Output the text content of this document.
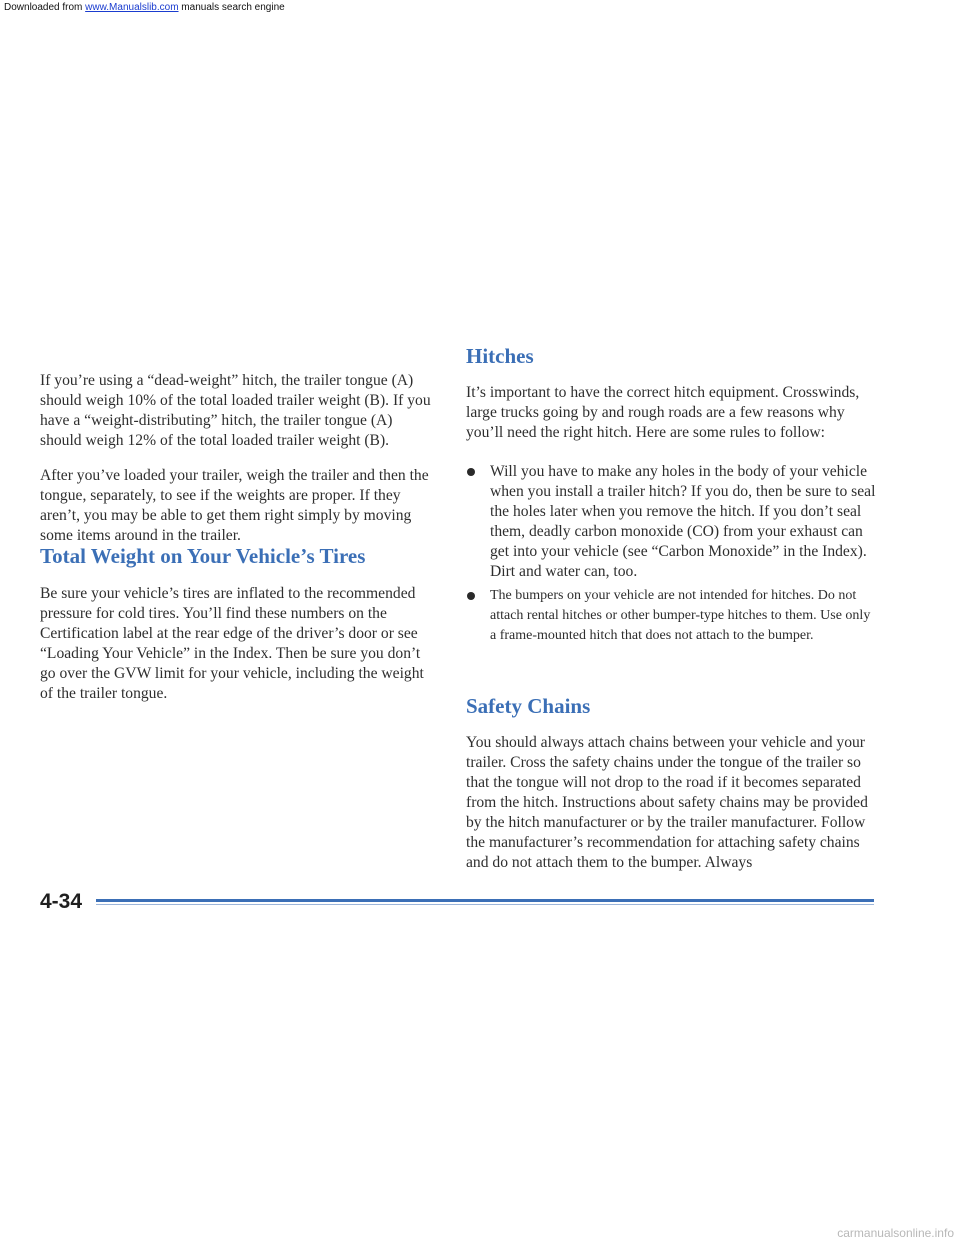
Downloaded from www.Manualslib.com manuals search engine

If you’re using a “dead-weight” hitch, the trailer tongue (A) should weigh 10% of the total loaded trailer weight (B). If you have a “weight-distributing” hitch, the trailer tongue (A) should weigh 12% of the total loaded trailer weight (B).

After you’ve loaded your trailer, weigh the trailer and then the tongue, separately, to see if the weights are proper. If they aren’t, you may be able to get them right simply by moving some items around in the trailer.

Total Weight on Your Vehicle’s Tires

Be sure your vehicle’s tires are inflated to the recommended pressure for cold tires. You’ll find these numbers on the Certification label at the rear edge of the driver’s door or see “Loading Your Vehicle” in the Index. Then be sure you don’t go over the GVW limit for your vehicle, including the weight of the trailer tongue.

Hitches

It’s important to have the correct hitch equipment. Crosswinds, large trucks going by and rough roads are a few reasons why you’ll need the right hitch. Here are some rules to follow:

Will you have to make any holes in the body of your vehicle when you install a trailer hitch? If you do, then be sure to seal the holes later when you remove the hitch. If you don’t seal them, deadly carbon monoxide (CO) from your exhaust can get into your vehicle (see “Carbon Monoxide” in the Index). Dirt and water can, too.
The bumpers on your vehicle are not intended for hitches. Do not attach rental hitches or other bumper-type hitches to them. Use only a frame-mounted hitch that does not attach to the bumper.
Safety Chains

You should always attach chains between your vehicle and your trailer. Cross the safety chains under the tongue of the trailer so that the tongue will not drop to the road if it becomes separated from the hitch. Instructions about safety chains may be provided by the hitch manufacturer or by the trailer manufacturer. Follow the manufacturer’s recommendation for attaching safety chains and do not attach them to the bumper. Always

4-34
carmanualsonline.info
